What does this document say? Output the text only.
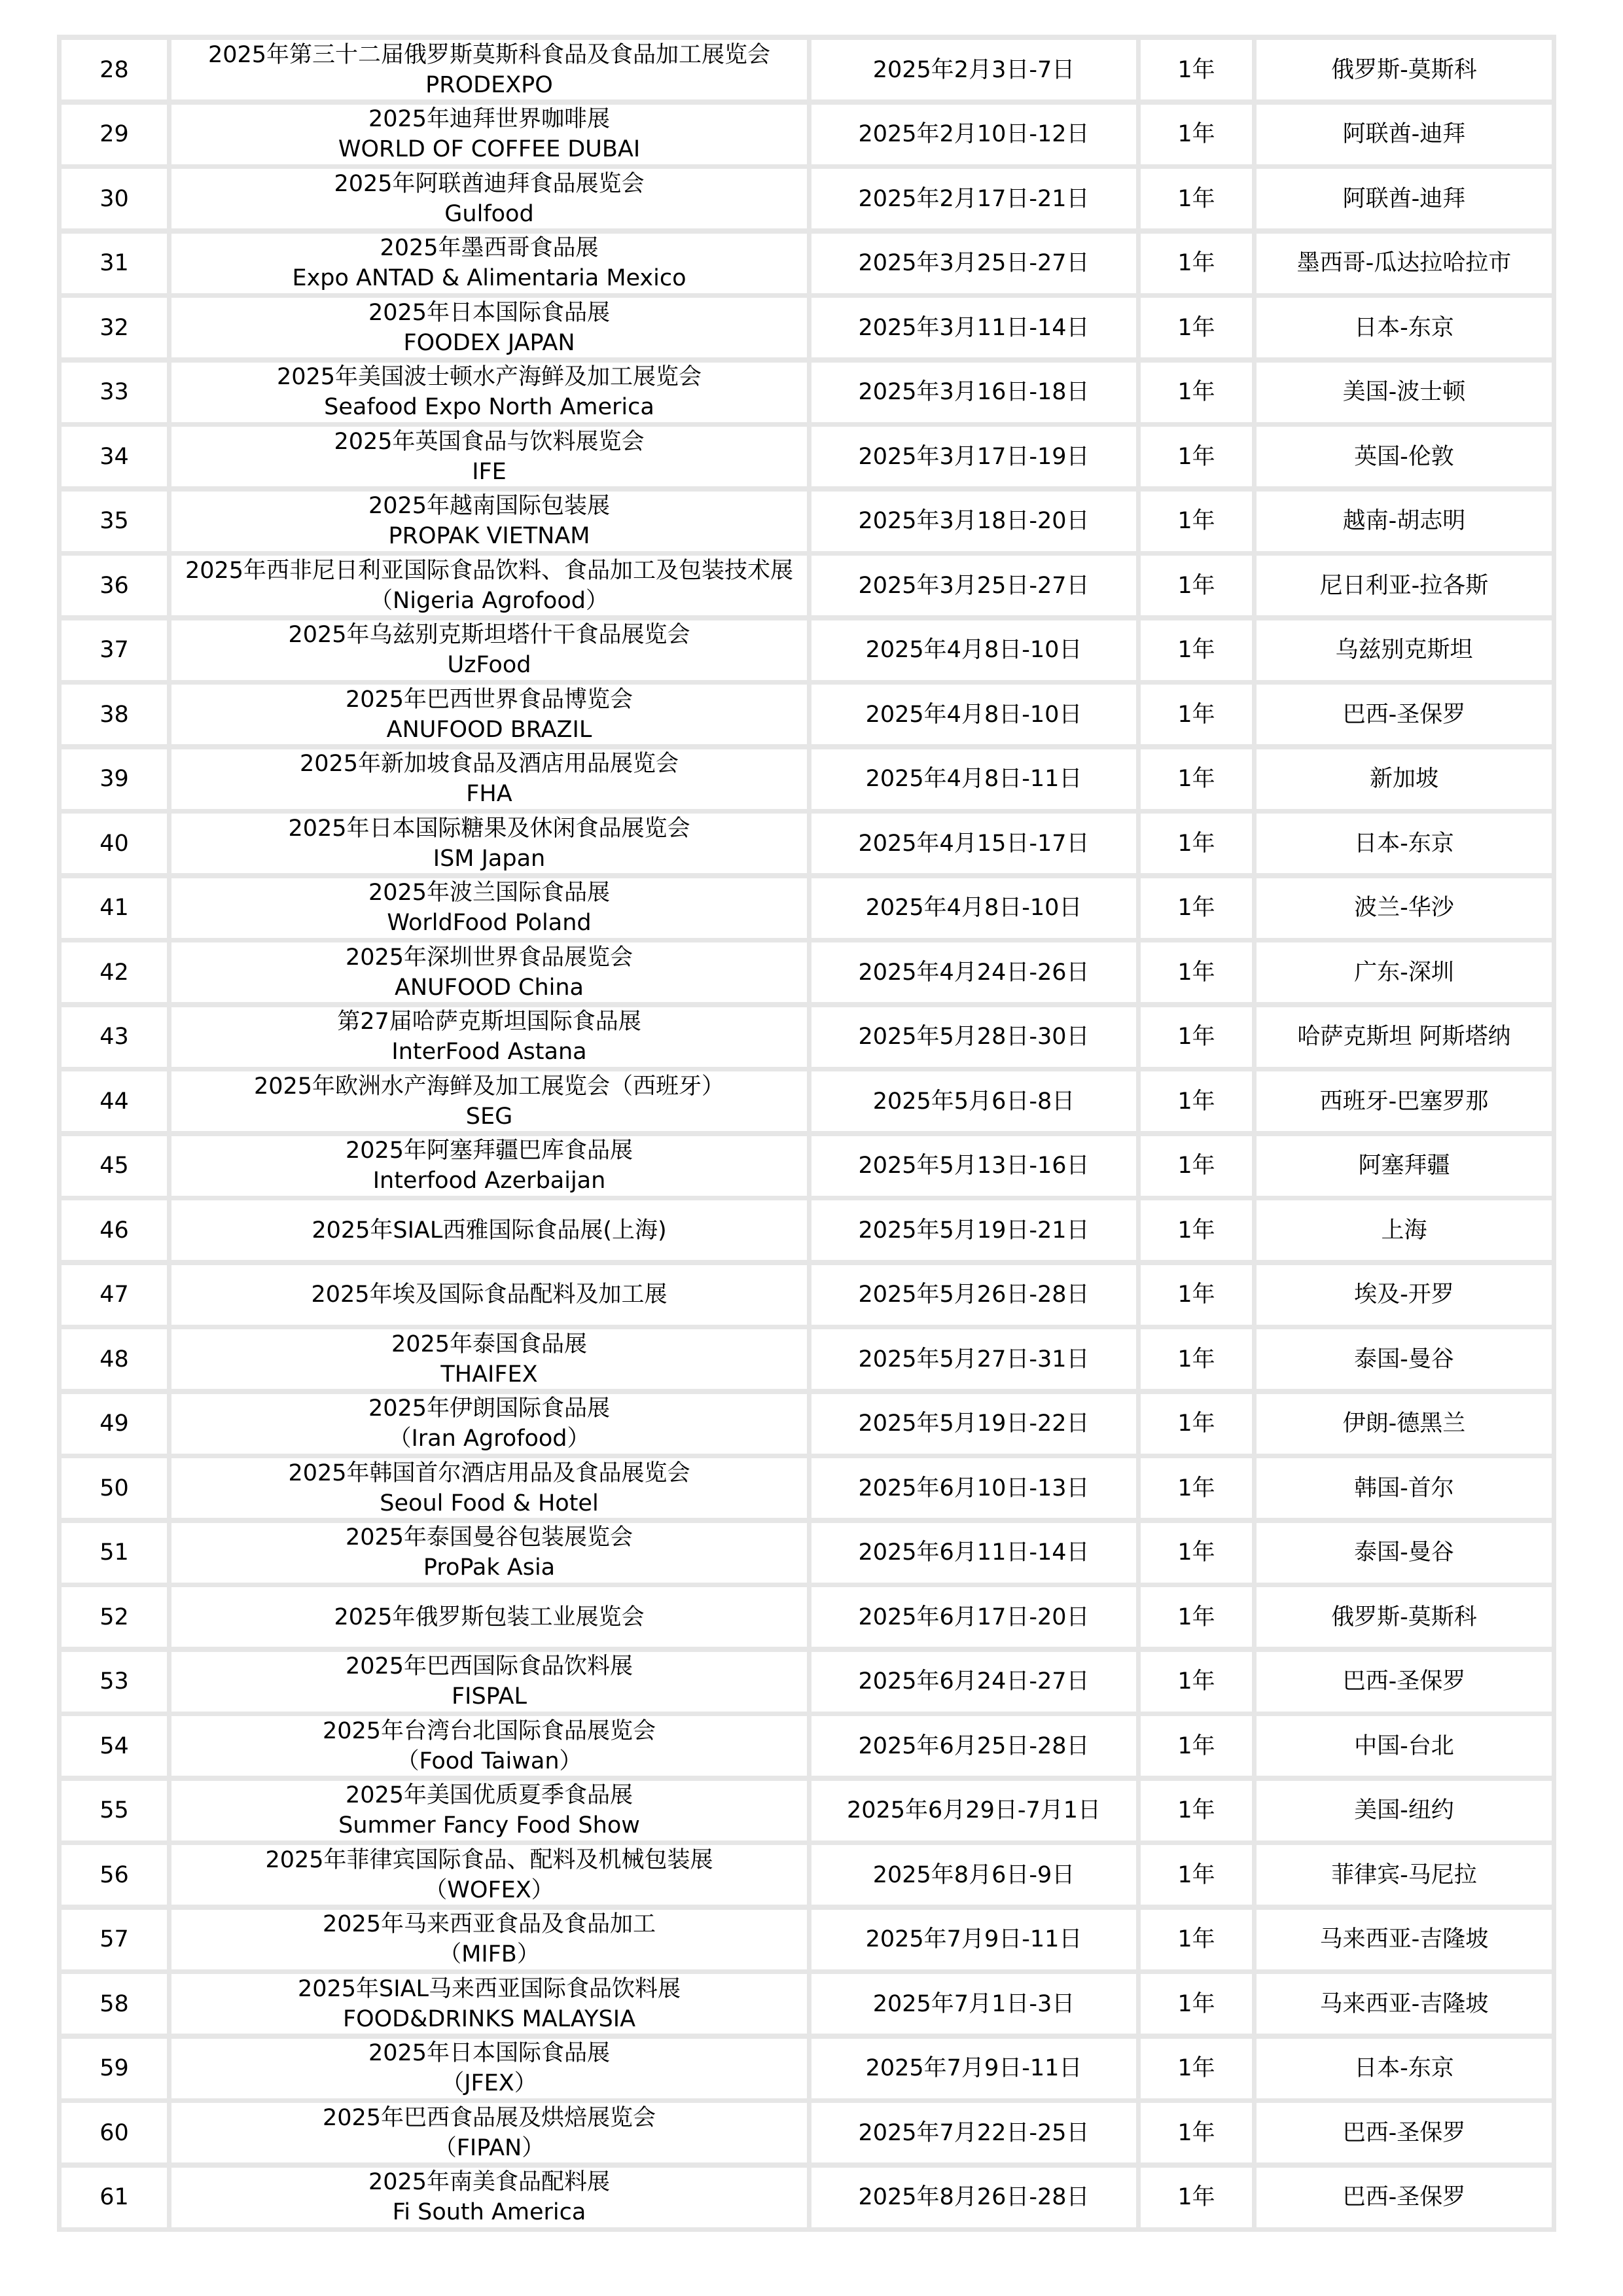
28
2025年第三十二届俄罗斯莫斯科食品及食品加工展览会
PRODEXPO
2025年2月3日-7日	1年	俄罗斯-莫斯科
29
2025年迪拜世界咖啡展
WORLD OF COFFEE DUBAI
2025年2月10日-12日	1年	阿联酋-迪拜
30
2025年阿联酋迪拜食品展览会
Gulfood
2025年2月17日-21日	1年	阿联酋-迪拜
31
2025年墨西哥食品展
Expo ANTAD & Alimentaria Mexico
2025年3月25日-27日	1年	墨西哥-瓜达拉哈拉市
32
2025年日本国际食品展
FOODEX JAPAN
2025年3月11日-14日	1年	日本-东京
33
2025年美国波士顿水产海鲜及加工展览会
Seafood Expo North America
2025年3月16日-18日	1年	美国-波士顿
34
2025年英国食品与饮料展览会
IFE
2025年3月17日-19日	1年	英国-伦敦
35
2025年越南国际包装展
PROPAK VIETNAM
2025年3月18日-20日	1年	越南-胡志明
36
2025年西非尼日利亚国际食品饮料、食品加工及包装技术展
（Nigeria Agrofood）
2025年3月25日-27日	1年	尼日利亚-拉各斯
37
2025年乌兹别克斯坦塔什干食品展览会
UzFood
2025年4月8日-10日	1年	乌兹别克斯坦
38
2025年巴西世界食品博览会
ANUFOOD BRAZIL
2025年4月8日-10日	1年	巴西-圣保罗
39
2025年新加坡食品及酒店用品展览会
FHA
2025年4月8日-11日	1年	新加坡
40
2025年日本国际糖果及休闲食品展览会
ISM Japan
2025年4月15日-17日	1年	日本-东京
41
2025年波兰国际食品展
WorldFood Poland
2025年4月8日-10日	1年	波兰-华沙
42
2025年深圳世界食品展览会
ANUFOOD China
2025年4月24日-26日	1年	广东-深圳
43
第27届哈萨克斯坦国际食品展
InterFood Astana
2025年5月28日-30日	1年	哈萨克斯坦 阿斯塔纳
44
2025年欧洲水产海鲜及加工展览会（西班牙）
SEG
2025年5月6日-8日	1年	西班牙-巴塞罗那
45
2025年阿塞拜疆巴库食品展
Interfood Azerbaijan
2025年5月13日-16日	1年	阿塞拜疆
46	2025年SIAL西雅国际食品展(上海)	2025年5月19日-21日	1年	上海
47	2025年埃及国际食品配料及加工展	2025年5月26日-28日	1年	埃及-开罗
48
2025年泰国食品展
THAIFEX
2025年5月27日-31日	1年	泰国-曼谷
49
2025年伊朗国际食品展
（Iran Agrofood）
2025年5月19日-22日	1年	伊朗-德黑兰
50
2025年韩国首尔酒店用品及食品展览会
Seoul Food & Hotel
2025年6月10日-13日	1年	韩国-首尔
51
2025年泰国曼谷包装展览会
ProPak Asia
2025年6月11日-14日	1年	泰国-曼谷
52	2025年俄罗斯包装工业展览会	2025年6月17日-20日	1年	俄罗斯-莫斯科
53
2025年巴西国际食品饮料展
FISPAL
2025年6月24日-27日	1年	巴西-圣保罗
54
2025年台湾台北国际食品展览会
（Food Taiwan）
2025年6月25日-28日	1年	中国-台北
55
2025年美国优质夏季食品展
Summer Fancy Food Show
2025年6月29日-7月1日	1年	美国-纽约
56
2025年菲律宾国际食品、配料及机械包装展
（WOFEX）
2025年8月6日-9日	1年	菲律宾-马尼拉
57
2025年马来西亚食品及食品加工
（MIFB）
2025年7月9日-11日	1年	马来西亚-吉隆坡
58
2025年SIAL马来西亚国际食品饮料展
FOOD&DRINKS MALAYSIA
2025年7月1日-3日	1年	马来西亚-吉隆坡
59
2025年日本国际食品展
（JFEX）
2025年7月9日-11日	1年	日本-东京
60
2025年巴西食品展及烘焙展览会
（FIPAN）
2025年7月22日-25日	1年	巴西-圣保罗
61
2025年南美食品配料展
Fi South America
2025年8月26日-28日	1年	巴西-圣保罗
